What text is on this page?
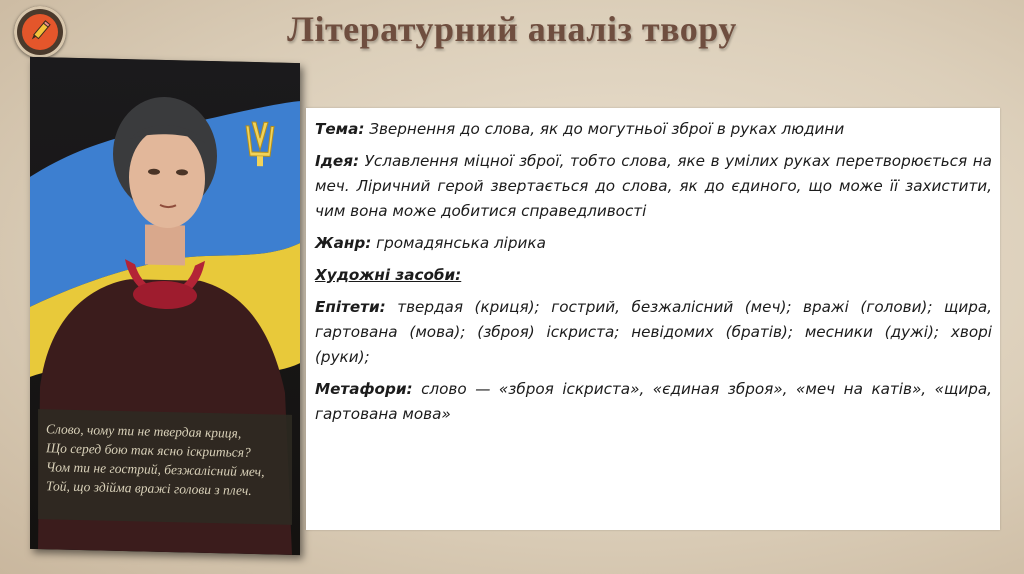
Літературний аналіз твору
Слово, чому ти не твердая криця,
Що серед бою так ясно іскриться?
Чом ти не гострий, безжалісний меч,
Той, що здійма вражі голови з плеч.

Тема: Звернення до слова, як до могутньої зброї в руках людини

Ідея: Уславлення міцної зброї, тобто слова, яке в умілих руках перетворюється на меч. Ліричний герой звертається до слова, як до єдиного, що може її захистити, чим вона може добитися справедливості

Жанр: громадянська лірика

Художні засоби:

Епітети: твердая (криця); гострий, безжалісний (меч); вражі (голови); щира, гартована (мова); (зброя) іскриста; невідомих (братів); месники (дужі); хворі (руки);

Метафори: слово — «зброя іскриста», «єдиная зброя», «меч на катів», «щира, гартована мова»
